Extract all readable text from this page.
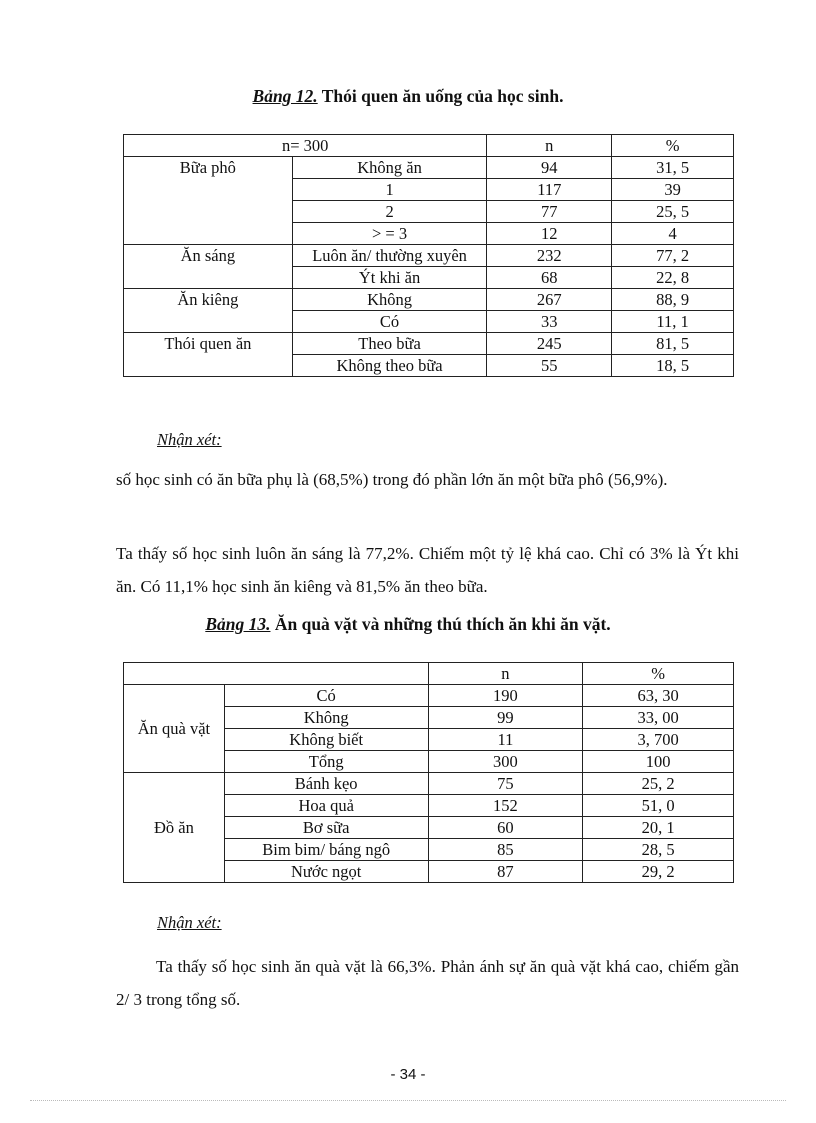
Bảng 12. Thói quen ăn uống của học sinh.
n= 300		n	%
Bữa phô	Không ăn	94	31, 5
	1	117	39
	2	77	25, 5
	> = 3	12	4
Ăn sáng	Luôn ăn/ thường xuyên	232	77, 2
	Ýt khi ăn	68	22, 8
Ăn kiêng	Không	267	88, 9
	Có	33	11, 1
Thói quen ăn	Theo bữa	245	81, 5
	Không theo bữa	55	18, 5
Nhận xét:
số học sinh có ăn bữa phụ là (68,5%) trong đó phần lớn ăn một bữa phô (56,9%).
Ta thấy số học sinh luôn ăn sáng là 77,2%. Chiếm một tỷ lệ khá cao. Chỉ có 3% là Ýt khi ăn. Có 11,1% học sinh ăn kiêng và 81,5% ăn theo bữa.
Bảng 13. Ăn quà vặt và những thú thích ăn khi ăn vặt.
		n	%
Ăn quà vặt	Có	190	63, 30
	Không	99	33, 00
	Không biết	11	3, 700
	Tổng	300	100
Đồ ăn	Bánh kẹo	75	25, 2
	Hoa quả	152	51, 0
	Bơ sữa	60	20, 1
	Bim bim/ báng ngô	85	28, 5
	Nước ngọt	87	29, 2
Nhận xét:
Ta thấy số học sinh ăn quà vặt là 66,3%. Phản ánh sự ăn quà vặt khá cao, chiếm gần 2/ 3 trong tổng số.
- 34 -
